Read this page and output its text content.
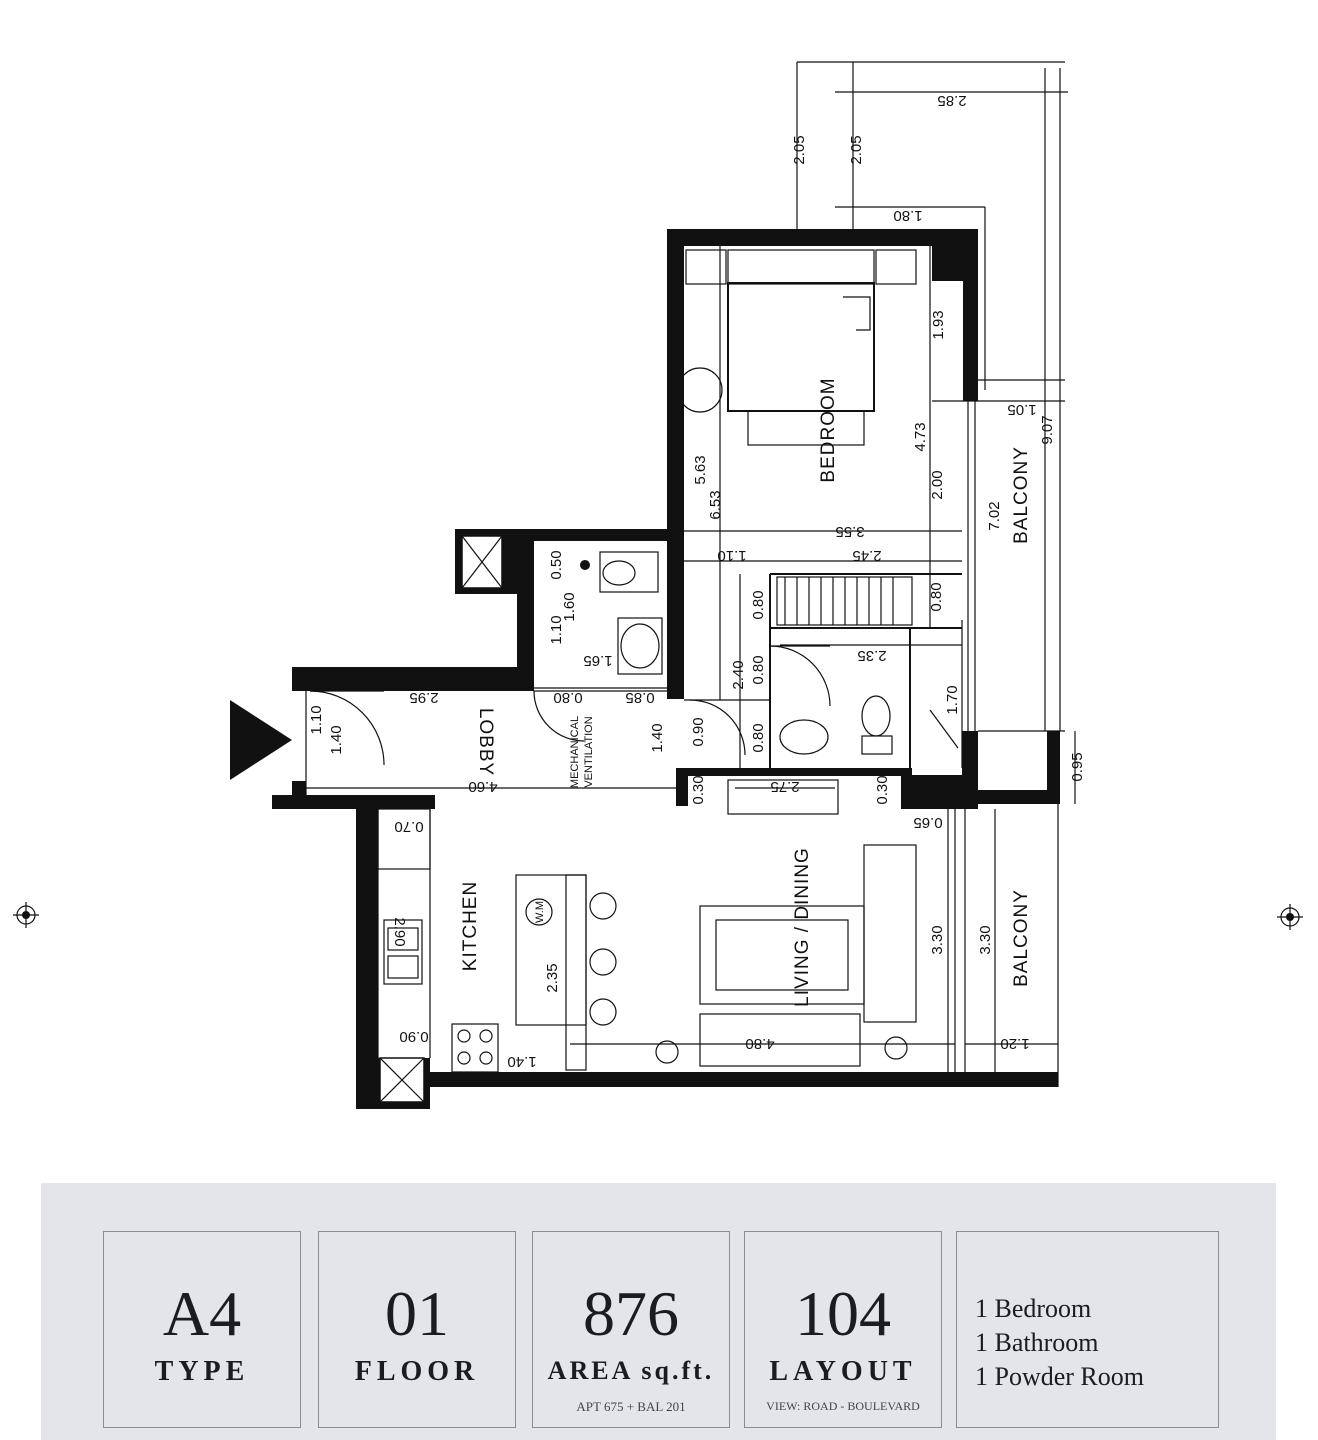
2.85
2.05	2.05
1.80
1.93
1.05
9.07
4.73
2.00
7.02
5.63
6.53
3.55
1.10	2.45
0.80
0.50
1.60
1.10
1.65
0.80
2.35
2.40 0.80
1.70
2.95	0.80	0.85
1.10
1.40	1.40 0.90	0.80
4.60	0.30	2.75	0.30
0.95
0.65
0.70
2.90
2.35
3.30 3.30
0.90
1.40
4.80	1.20
BEDROOM
BALCONY
BALCONY
LOBBY
KITCHEN	LIVING / DINING
MECHANICAL VENTILATION
W.M
A4
TYPE
01
FLOOR
876
AREA sq.ft.
APT 675 + BAL 201
104
LAYOUT
VIEW: ROAD - BOULEVARD
1 Bedroom
1 Bathroom
1 Powder Room
